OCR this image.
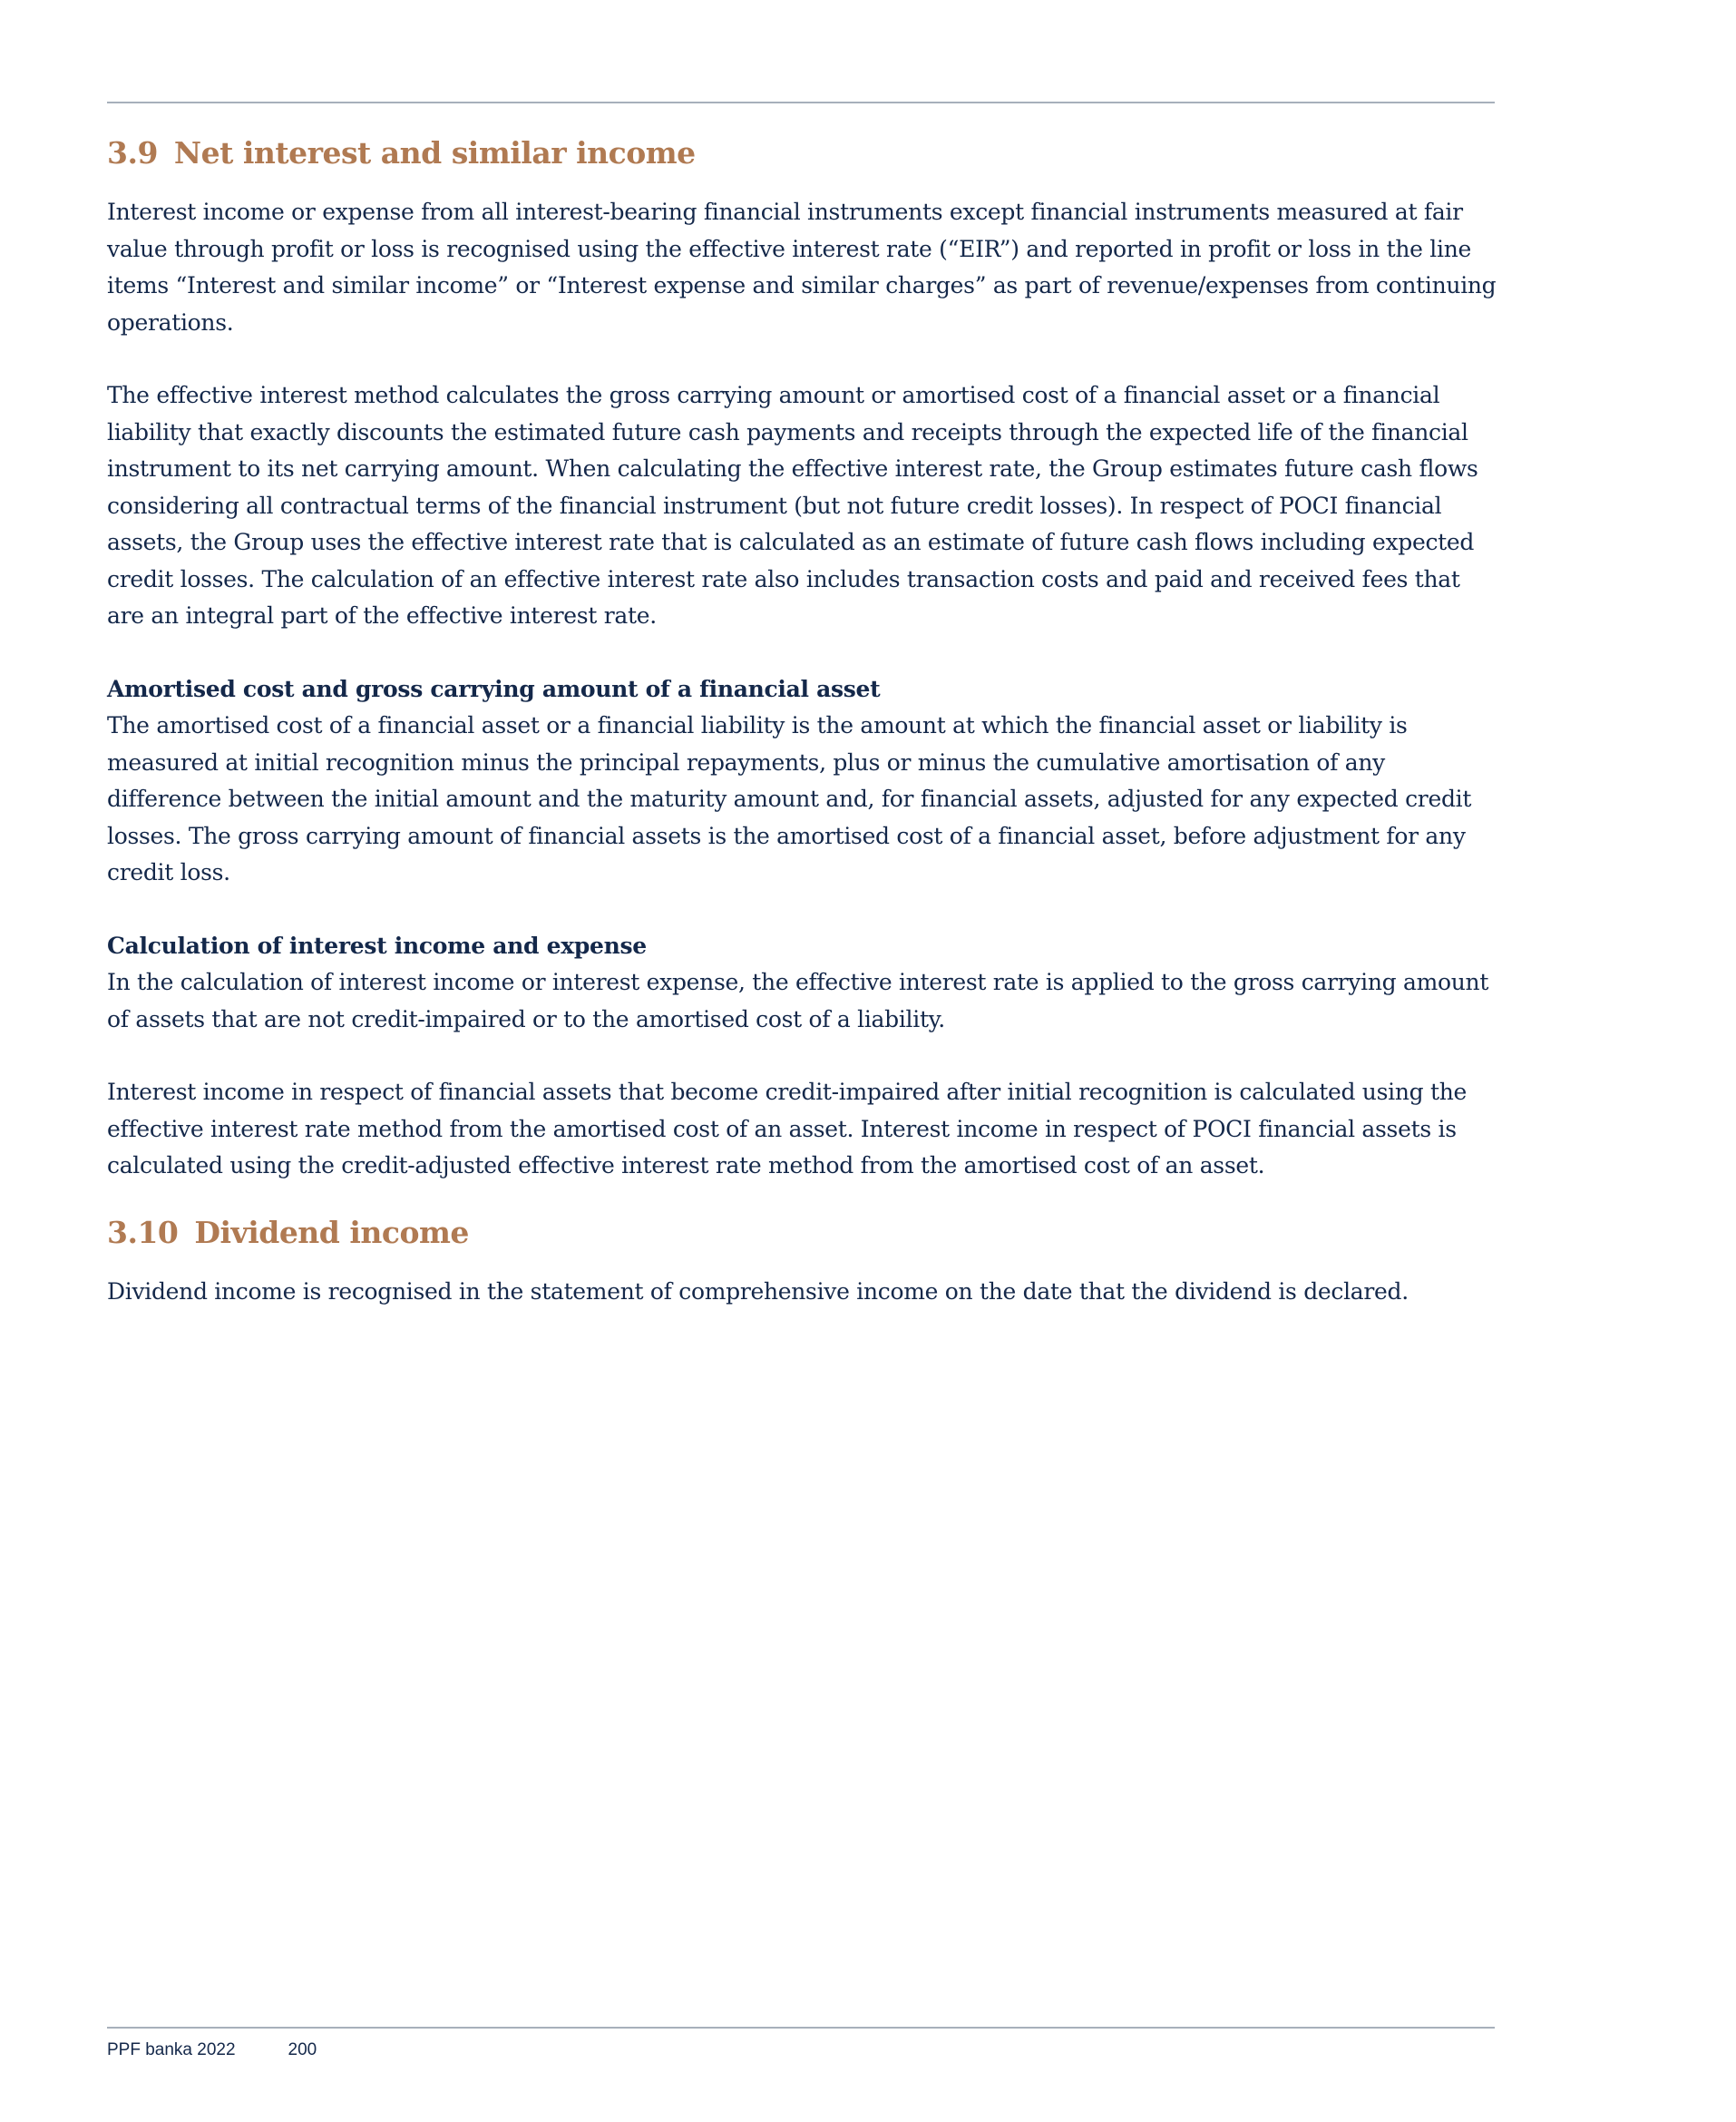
3.9 Net interest and similar income

Interest income or expense from all interest-bearing financial instruments except financial instruments measured at fair value through profit or loss is recognised using the effective interest rate (“EIR”) and reported in profit or loss in the line items “Interest and similar income” or “Interest expense and similar charges” as part of revenue/expenses from continuing operations.

The effective interest method calculates the gross carrying amount or amortised cost of a financial asset or a financial liability that exactly discounts the estimated future cash payments and receipts through the expected life of the financial instrument to its net carrying amount. When calculating the effective interest rate, the Group estimates future cash flows considering all contractual terms of the financial instrument (but not future credit losses). In respect of POCI financial assets, the Group uses the effective interest rate that is calculated as an estimate of future cash flows including expected credit losses. The calculation of an effective interest rate also includes transaction costs and paid and received fees that are an integral part of the effective interest rate.

Amortised cost and gross carrying amount of a financial asset

The amortised cost of a financial asset or a financial liability is the amount at which the financial asset or liability is measured at initial recognition minus the principal repayments, plus or minus the cumulative amortisation of any difference between the initial amount and the maturity amount and, for financial assets, adjusted for any expected credit losses. The gross carrying amount of financial assets is the amortised cost of a financial asset, before adjustment for any credit loss.

Calculation of interest income and expense

In the calculation of interest income or interest expense, the effective interest rate is applied to the gross carrying amount of assets that are not credit-impaired or to the amortised cost of a liability.

Interest income in respect of financial assets that become credit-impaired after initial recognition is calculated using the effective interest rate method from the amortised cost of an asset. Interest income in respect of POCI financial assets is calculated using the credit-adjusted effective interest rate method from the amortised cost of an asset.

3.10 Dividend income

Dividend income is recognised in the statement of comprehensive income on the date that the dividend is declared.

PPF banka 2022	200
